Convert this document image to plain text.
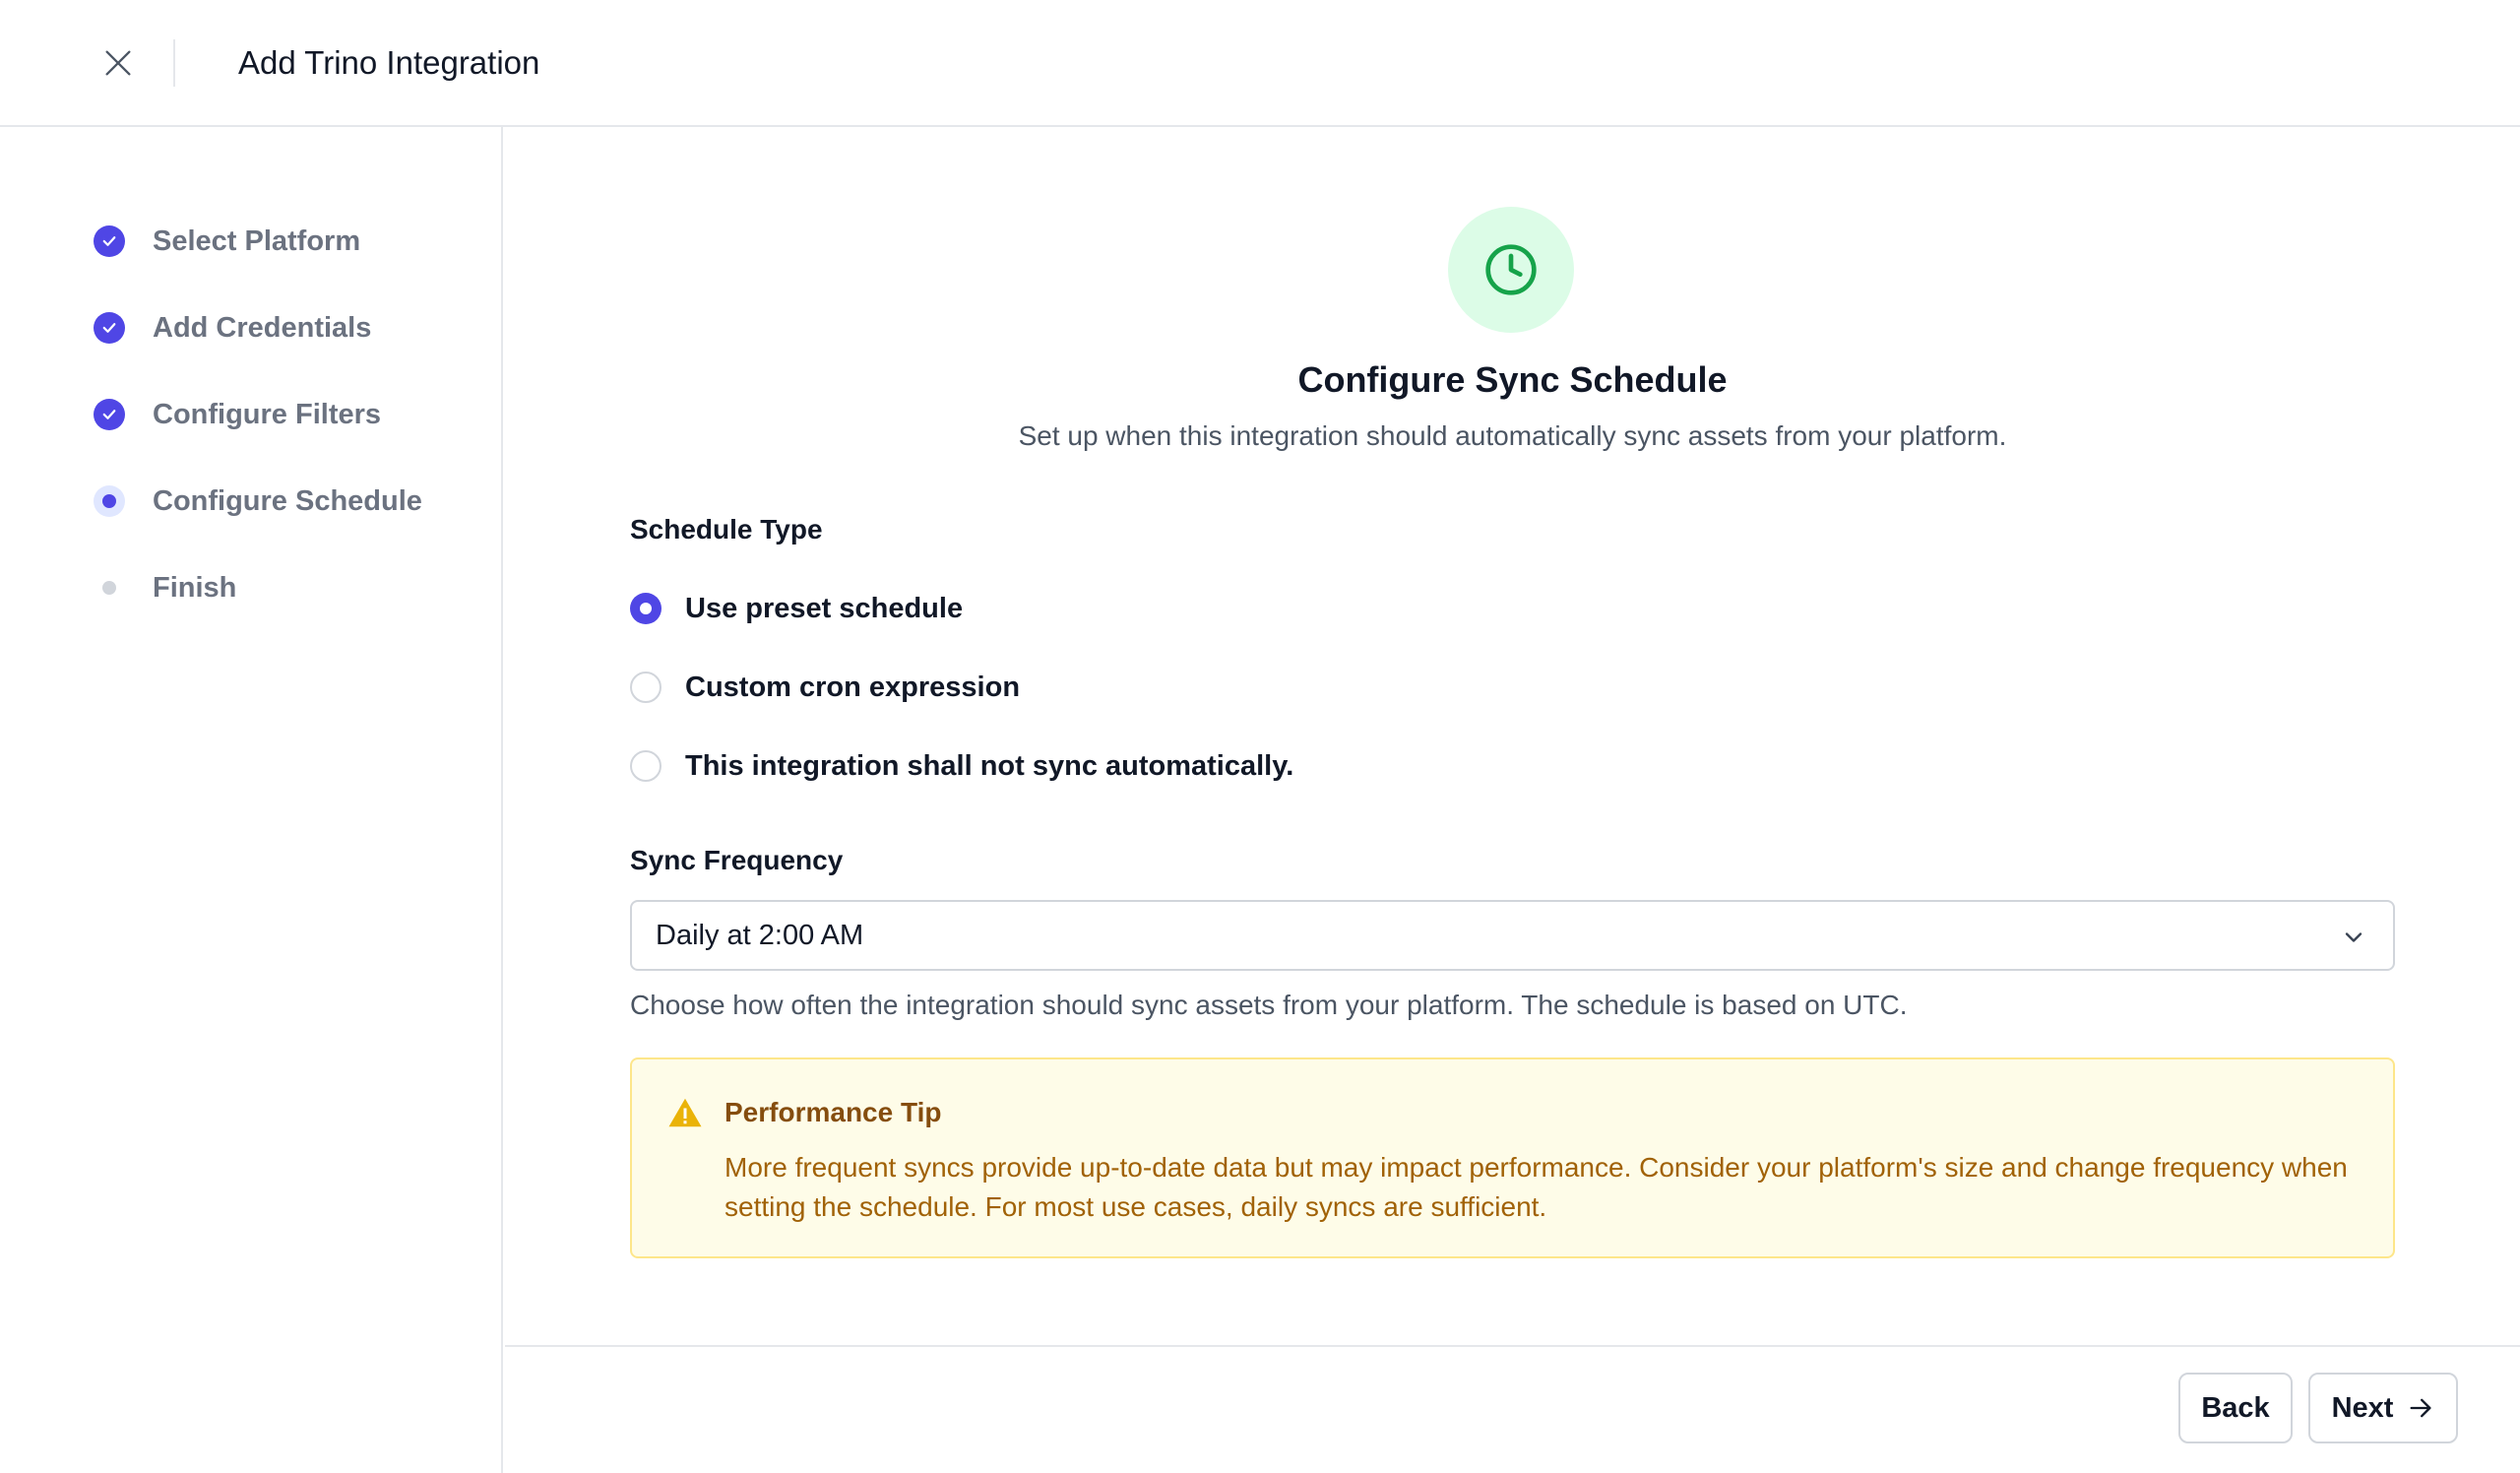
Add Trino Integration
Select Platform
Add Credentials
Configure Filters
Configure Schedule
Finish
Configure Sync Schedule
Set up when this integration should automatically sync assets from your platform.
Schedule Type
Use preset schedule
Custom cron expression
This integration shall not sync automatically.
Sync Frequency
Daily at 2:00 AM
Choose how often the integration should sync assets from your platform. The schedule is based on UTC.
Performance Tip
More frequent syncs provide up-to-date data but may impact performance. Consider your platform's size and change frequency when setting the schedule. For most use cases, daily syncs are sufficient.
Back Next
